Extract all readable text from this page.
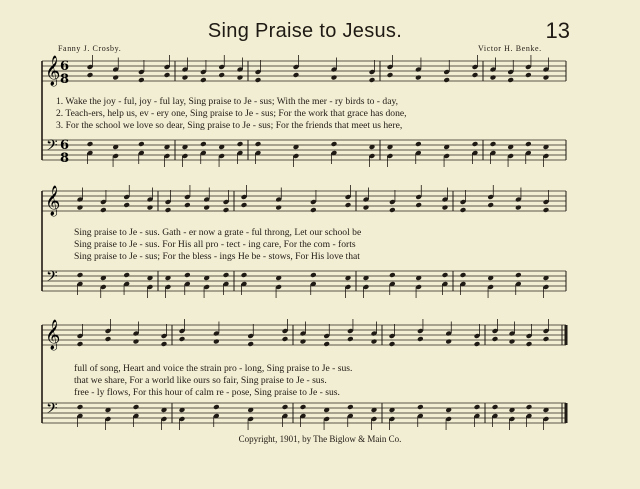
Sing Praise to Jesus.	13
Fanny J. Crosby.	Victor H. Benke.
𝄞
𝄢
𝄞
𝄢
𝄞
𝄢
6
8
6
8
1. Wake the joy - ful, joy - ful lay, Sing praise to Je - sus; With the mer - ry birds to - day,
2. Teach-ers, help us, ev - ery one, Sing praise to Je - sus; For the work that grace has done,
3. For the school we love so dear, Sing praise to Je - sus; For the friends that meet us here,
Sing praise to Je - sus. Gath - er now a grate - ful throng, Let our school be
Sing praise to Je - sus. For His all pro - tect - ing care, For the com - forts
Sing praise to Je - sus; For the bless - ings He be - stows, For His love that
full of song, Heart and voice the strain pro - long, Sing praise to Je - sus.
that we share, For a world like ours so fair, Sing praise to Je - sus.
free - ly flows, For this hour of calm re - pose, Sing praise to Je - sus.
Copyright, 1901, by The Biglow & Main Co.
